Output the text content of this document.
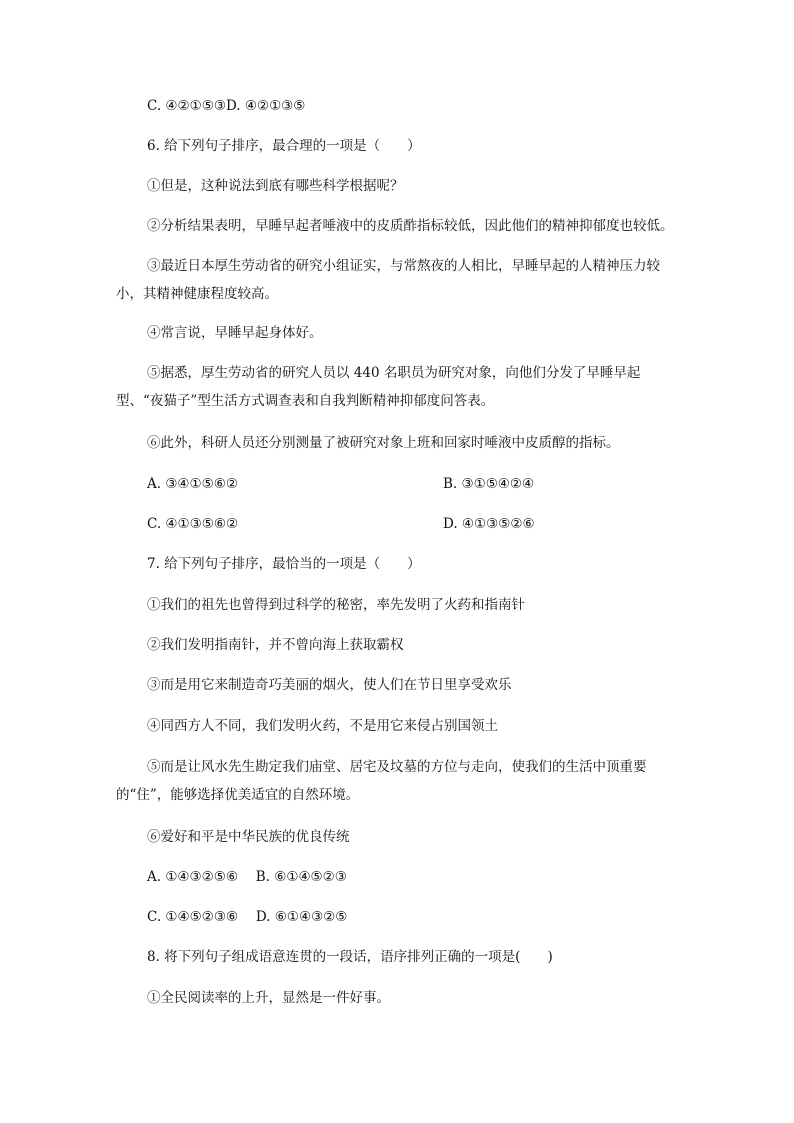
C. ④②①⑤③D. ④②①③⑤
6. 给下列句子排序，最合理的一项是（　　）
①但是，这种说法到底有哪些科学根据呢？
②分析结果表明，早睡早起者唾液中的皮质酢指标较低，因此他们的精神抑郁度也较低。
③最近日本厚生劳动省的研究小组证实，与常熬夜的人相比，早睡早起的人精神压力较小，其精神健康程度较高。
④常言说，早睡早起身体好。
⑤据悉，厚生劳动省的研究人员以 440 名职员为研究对象，向他们分发了早睡早起型、“夜猫子”型生活方式调查表和自我判断精神抑郁度问答表。
⑥此外，科研人员还分别测量了被研究对象上班和回家时唾液中皮质醇的指标。
A. ③④①⑤⑥②	B. ③①⑤④②④
C. ④①③⑤⑥②	D. ④①③⑤②⑥
7. 给下列句子排序，最恰当的一项是（　　）
①我们的祖先也曾得到过科学的秘密，率先发明了火药和指南针
②我们发明指南针，并不曾向海上获取霸权
③而是用它来制造奇巧美丽的烟火，使人们在节日里享受欢乐
④同西方人不同，我们发明火药，不是用它来侵占别国领土
⑤而是让风水先生勘定我们庙堂、居宅及坟墓的方位与走向，使我们的生活中顶重要的“住”，能够选择优美适宜的自然环境。
⑥爱好和平是中华民族的优良传统
A. ①④③②⑤⑥　 B. ⑥①④⑤②③
C. ①④⑤②③⑥　 D. ⑥①④③②⑤
8. 将下列句子组成语意连贯的一段话，语序排列正确的一项是(　　)
①全民阅读率的上升，显然是一件好事。
